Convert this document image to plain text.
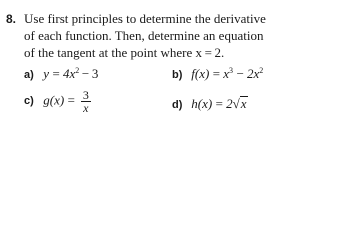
8. Use first principles to determine the derivative
of each function. Then, determine an equation
of the tangent at the point where x = 2.
a) $y = 4x^2 - 3$	b) $f(x) = x^3 - 2x^2$
c) $g(x) = \frac{3}{x}$	d) h(x) = 2√x
